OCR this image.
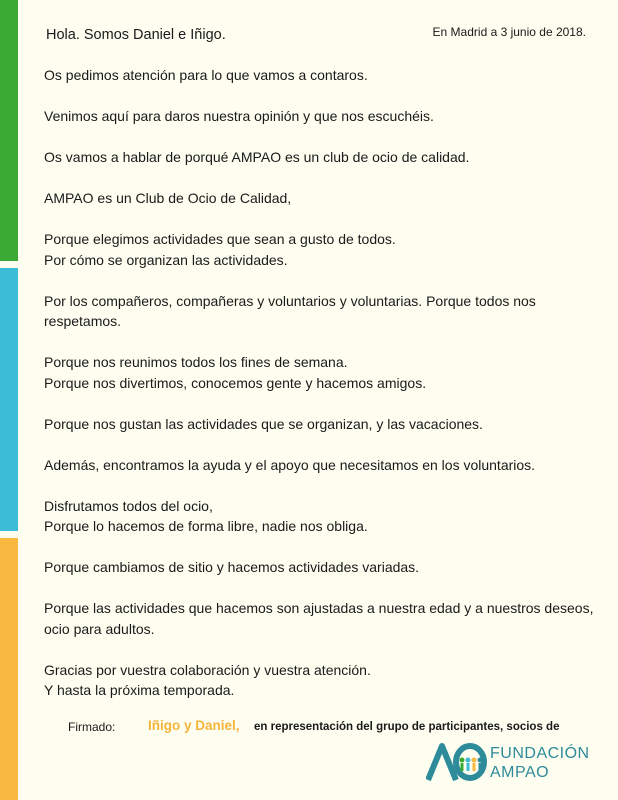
Hola. Somos Daniel e Iñigo.	En Madrid a 3 junio de 2018.

Os pedimos atención para lo que vamos a contaros.

Venimos aquí para daros nuestra opinión y que nos escuchéis.

Os vamos a hablar de porqué AMPAO es un club de ocio de calidad.

AMPAO es un Club de Ocio de Calidad,

Porque elegimos actividades que sean a gusto de todos.
Por cómo se organizan las actividades.

Por los compañeros, compañeras y voluntarios y voluntarias. Porque todos nos respetamos.

Porque nos reunimos todos los fines de semana.
Porque nos divertimos, conocemos gente y hacemos amigos.

Porque nos gustan las actividades que se organizan, y las vacaciones.

Además, encontramos la ayuda y el apoyo que necesitamos en los voluntarios.

Disfrutamos todos del ocio,
Porque lo hacemos de forma libre, nadie nos obliga.

Porque cambiamos de sitio y hacemos actividades variadas.

Porque las actividades que hacemos son ajustadas a nuestra edad y a nuestros deseos, ocio para adultos.

Gracias por vuestra colaboración y vuestra atención.
Y hasta la próxima temporada.

Firmado: Iñigo y Daniel, en representación del grupo de participantes, socios de
FUNDACIÓN
AMPAO
